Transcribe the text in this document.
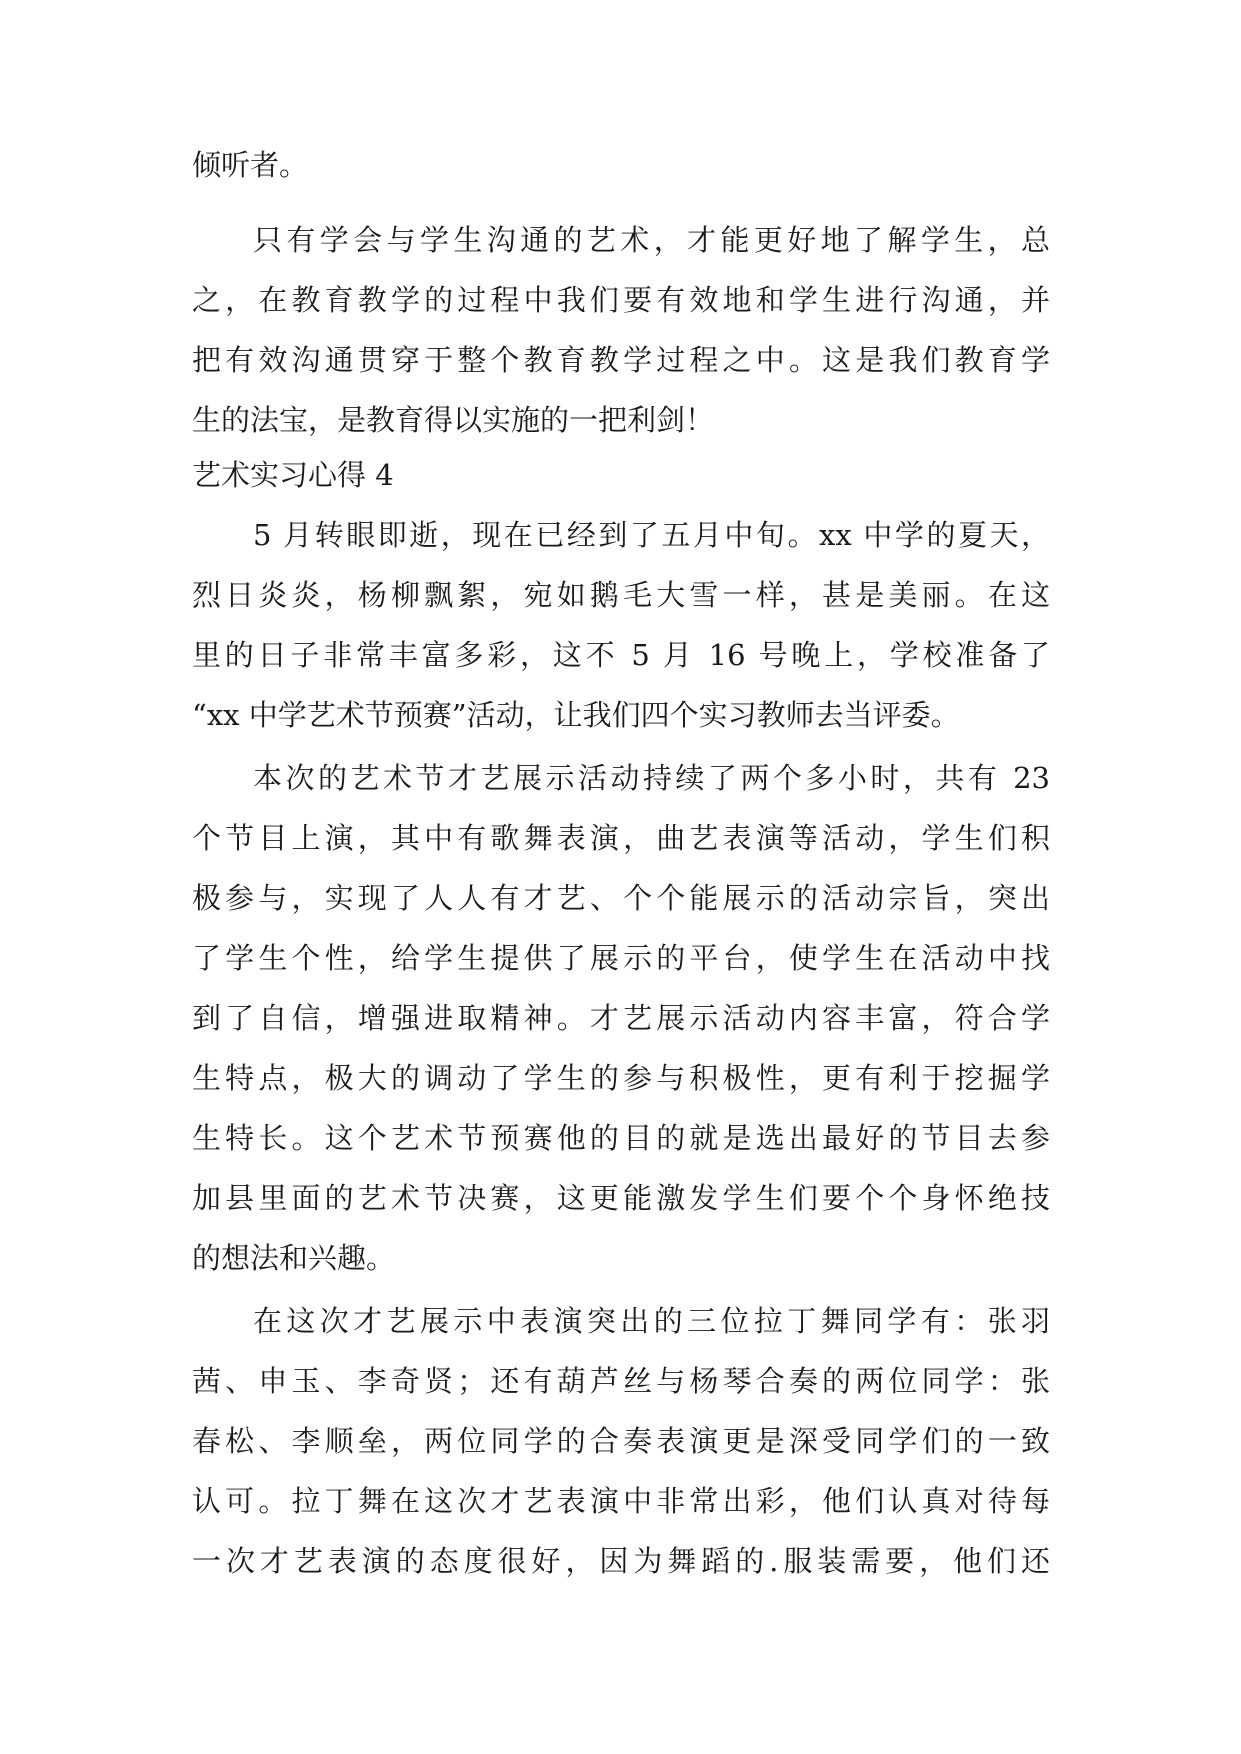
倾听者。
只有学会与学生沟通的艺术，才能更好地了解学生，总
之，在教育教学的过程中我们要有效地和学生进行沟通，并
把有效沟通贯穿于整个教育教学过程之中。这是我们教育学
生的法宝，是教育得以实施的一把利剑！
艺术实习心得 4
5 月转眼即逝，现在已经到了五月中旬。xx 中学的夏天，
烈日炎炎，杨柳飘絮，宛如鹅毛大雪一样，甚是美丽。在这
里的日子非常丰富多彩，这不 5 月 16 号晚上，学校准备了
“xx 中学艺术节预赛”活动，让我们四个实习教师去当评委。
本次的艺术节才艺展示活动持续了两个多小时，共有 23
个节目上演，其中有歌舞表演，曲艺表演等活动，学生们积
极参与，实现了人人有才艺、个个能展示的活动宗旨，突出
了学生个性，给学生提供了展示的平台，使学生在活动中找
到了自信，增强进取精神。才艺展示活动内容丰富，符合学
生特点，极大的调动了学生的参与积极性，更有利于挖掘学
生特长。这个艺术节预赛他的目的就是选出最好的节目去参
加县里面的艺术节决赛，这更能激发学生们要个个身怀绝技
的想法和兴趣。
在这次才艺展示中表演突出的三位拉丁舞同学有：张羽
茜、申玉、李奇贤；还有葫芦丝与杨琴合奏的两位同学：张
春松、李顺垒，两位同学的合奏表演更是深受同学们的一致
认可。拉丁舞在这次才艺表演中非常出彩，他们认真对待每
一次才艺表演的态度很好，因为舞蹈的.服装需要，他们还
